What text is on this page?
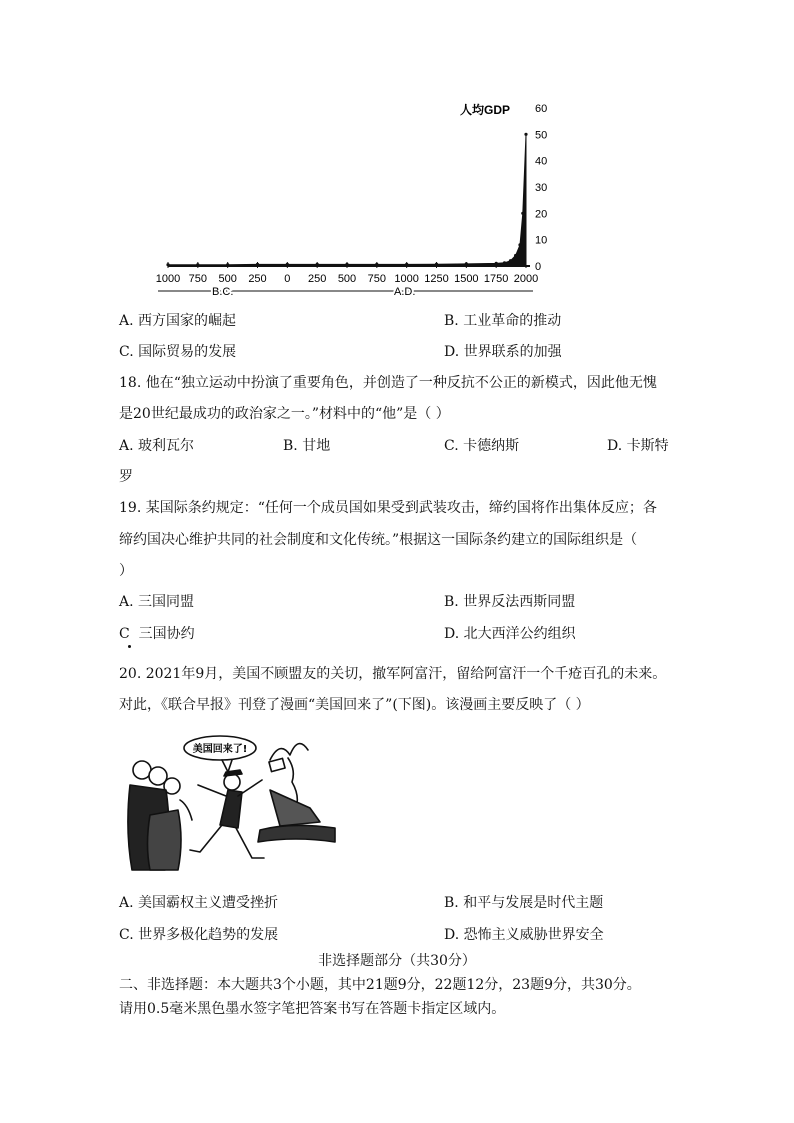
人均GDP 60
50
40
30
20
10
0
1000 750 500 250 0 250 500 750 1000 1250 1500 1750 2000
B.C.	A.D.
A. 西方国家的崛起	B. 工业革命的推动
C. 国际贸易的发展	D. 世界联系的加强
18. 他在“独立运动中扮演了重要角色，并创造了一种反抗不公正的新模式，因此他无愧
是20世纪最成功的政治家之一。”材料中的“他”是（ ）
A. 玻利瓦尔	B. 甘地	C. 卡德纳斯	D. 卡斯特
罗
19. 某国际条约规定：“任何一个成员国如果受到武装攻击，缔约国将作出集体反应；各
缔约国决心维护共同的社会制度和文化传统。”根据这一国际条约建立的国际组织是（
）
A. 三国同盟	B. 世界反法西斯同盟
C 三国协约	D. 北大西洋公约组织
20. 2021年9月，美国不顾盟友的关切，撤军阿富汗，留给阿富汗一个千疮百孔的未来。
对此，《联合早报》刊登了漫画“美国回来了”(下图)。该漫画主要反映了（ ）
美国回来了!
A. 美国霸权主义遭受挫折	B. 和平与发展是时代主题
C. 世界多极化趋势的发展	D. 恐怖主义威胁世界安全
非选择题部分（共30分）
二、非选择题：本大题共3个小题，其中21题9分，22题12分，23题9分，共30分。
请用0.5毫米黑色墨水签字笔把答案书写在答题卡指定区域内。
